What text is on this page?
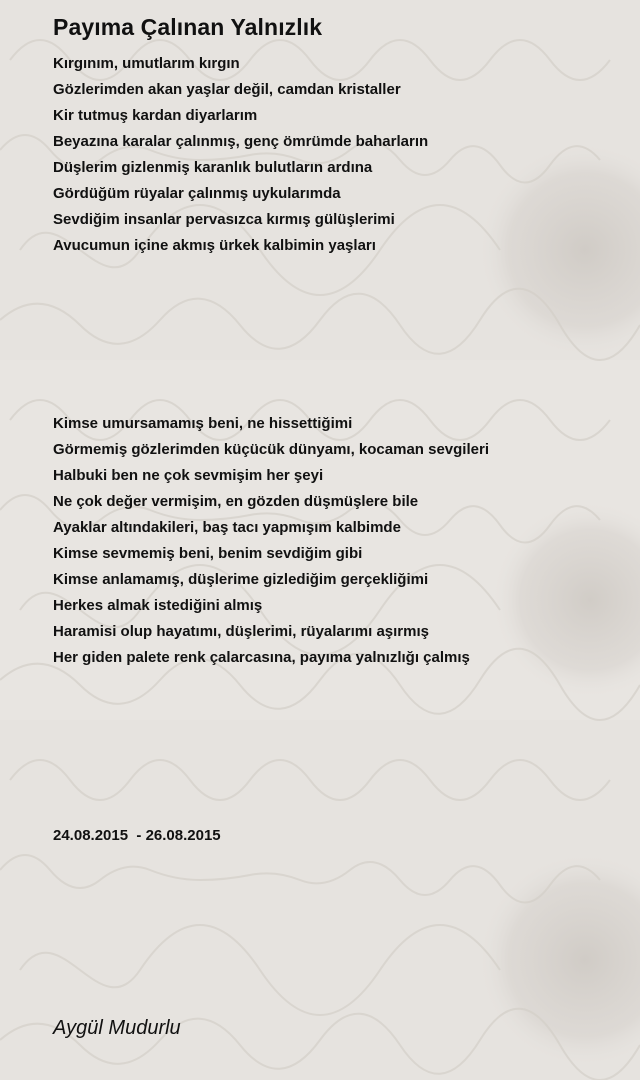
Payıma Çalınan Yalnızlık
Kırgınım, umutlarım kırgın
Gözlerimden akan yaşlar değil, camdan kristaller
Kir tutmuş kardan diyarlarım
Beyazına karalar çalınmış, genç ömrümde baharların
Düşlerim gizlenmiş karanlık bulutların ardına
Gördüğüm rüyalar çalınmış uykularımda
Sevdiğim insanlar pervasızca kırmış gülüşlerimi
Avucumun içine akmış ürkek kalbimin yaşları
Kimse umursamamış beni, ne hissettiğimi
Görmemiş gözlerimden küçücük dünyamı, kocaman sevgileri
Halbuki ben ne çok sevmişim her şeyi
Ne çok değer vermişim, en gözden düşmüşlere bile
Ayaklar altındakileri, baş tacı yapmışım kalbimde
Kimse sevmemiş beni, benim sevdiğim gibi
Kimse anlamamış, düşlerime gizlediğim gerçekliğimi
Herkes almak istediğini almış
Haramisi olup hayatımı, düşlerimi, rüyalarımı aşırmış
Her giden palete renk çalarcasına, payıma yalnızlığı çalmış
24.08.2015  - 26.08.2015
Aygül Mudurlu
